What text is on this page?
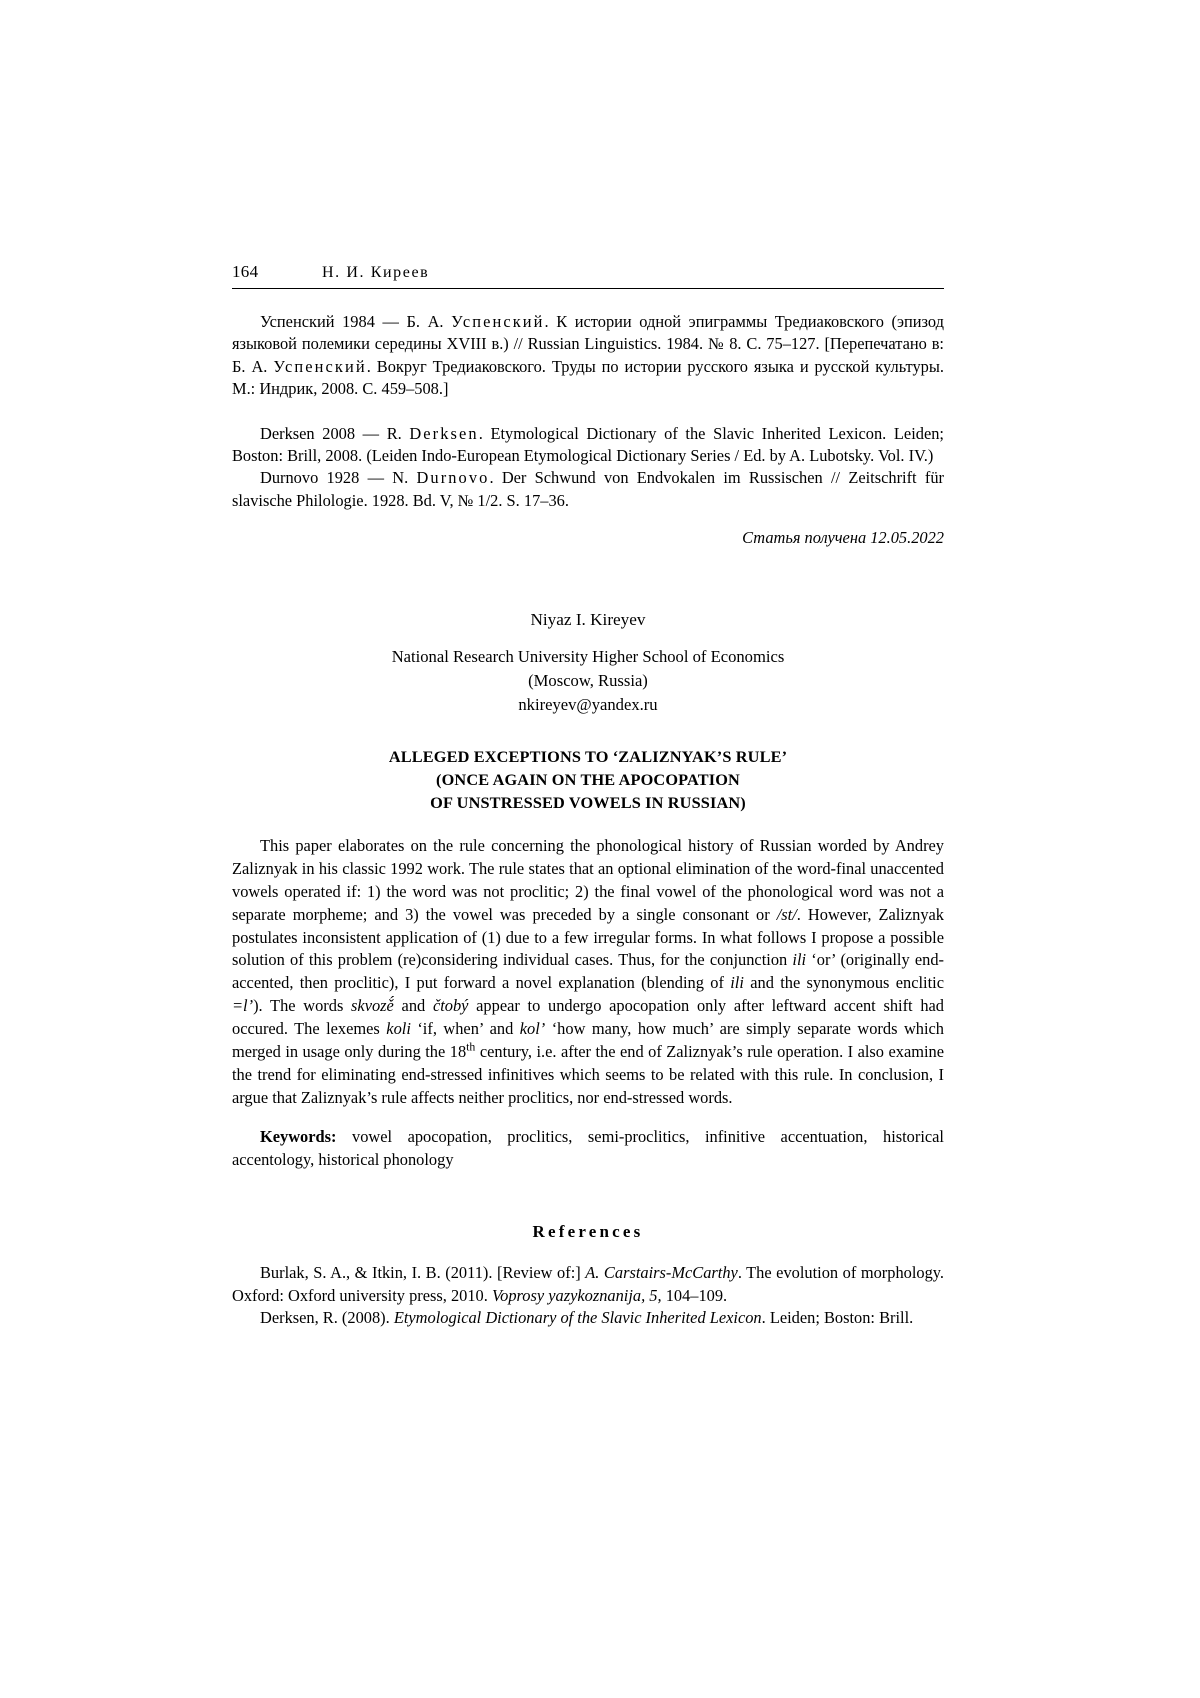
164	Н. И. Киреев

Успенский 1984 — Б. А. Успенский. К истории одной эпиграммы Тредиаковского (эпизод языковой полемики середины XVIII в.) // Russian Linguistics. 1984. № 8. С. 75–127. [Перепечатано в: Б. А. Успенский. Вокруг Тредиаковского. Труды по истории русского языка и русской культуры. М.: Индрик, 2008. С. 459–508.]

Derksen 2008 — R. Derksen. Etymological Dictionary of the Slavic Inherited Lexicon. Leiden; Boston: Brill, 2008. (Leiden Indo-European Etymological Dictionary Series / Ed. by A. Lubotsky. Vol. IV.)

Durnovo 1928 — N. Durnovo. Der Schwund von Endvokalen im Russischen // Zeitschrift für slavische Philologie. 1928. Bd. V, № 1/2. S. 17–36.

Статья получена 12.05.2022
Niyaz I. Kireyev
National Research University Higher School of Economics
(Moscow, Russia)
nkireyev@yandex.ru
ALLEGED EXCEPTIONS TO ‘ZALIZNYAK’S RULE’
(ONCE AGAIN ON THE APOCOPATION
OF UNSTRESSED VOWELS IN RUSSIAN)

This paper elaborates on the rule concerning the phonological history of Russian worded by Andrey Zaliznyak in his classic 1992 work. The rule states that an optional elimination of the word-final unaccented vowels operated if: 1) the word was not proclitic; 2) the final vowel of the phonological word was not a separate morpheme; and 3) the vowel was preceded by a single consonant or /st/. However, Zaliznyak postulates inconsistent application of (1) due to a few irregular forms. In what follows I propose a possible solution of this problem (re)considering individual cases. Thus, for the conjunction ili ‘or’ (originally end-accented, then proclitic), I put forward a novel explanation (blending of ili and the synonymous enclitic =l’). The words skvozě́ and čtobý appear to undergo apocopation only after leftward accent shift had occured. The lexemes koli ‘if, when’ and kol’ ‘how many, how much’ are simply separate words which merged in usage only during the 18th century, i.e. after the end of Zaliznyak’s rule operation. I also examine the trend for eliminating end-stressed infinitives which seems to be related with this rule. In conclusion, I argue that Zaliznyak’s rule affects neither proclitics, nor end-stressed words.

Keywords: vowel apocopation, proclitics, semi-proclitics, infinitive accentuation, historical accentology, historical phonology

References

Burlak, S. A., & Itkin, I. B. (2011). [Review of:] A. Carstairs-McCarthy. The evolution of morphology. Oxford: Oxford university press, 2010. Voprosy yazykoznanija, 5, 104–109.

Derksen, R. (2008). Etymological Dictionary of the Slavic Inherited Lexicon. Leiden; Boston: Brill.
